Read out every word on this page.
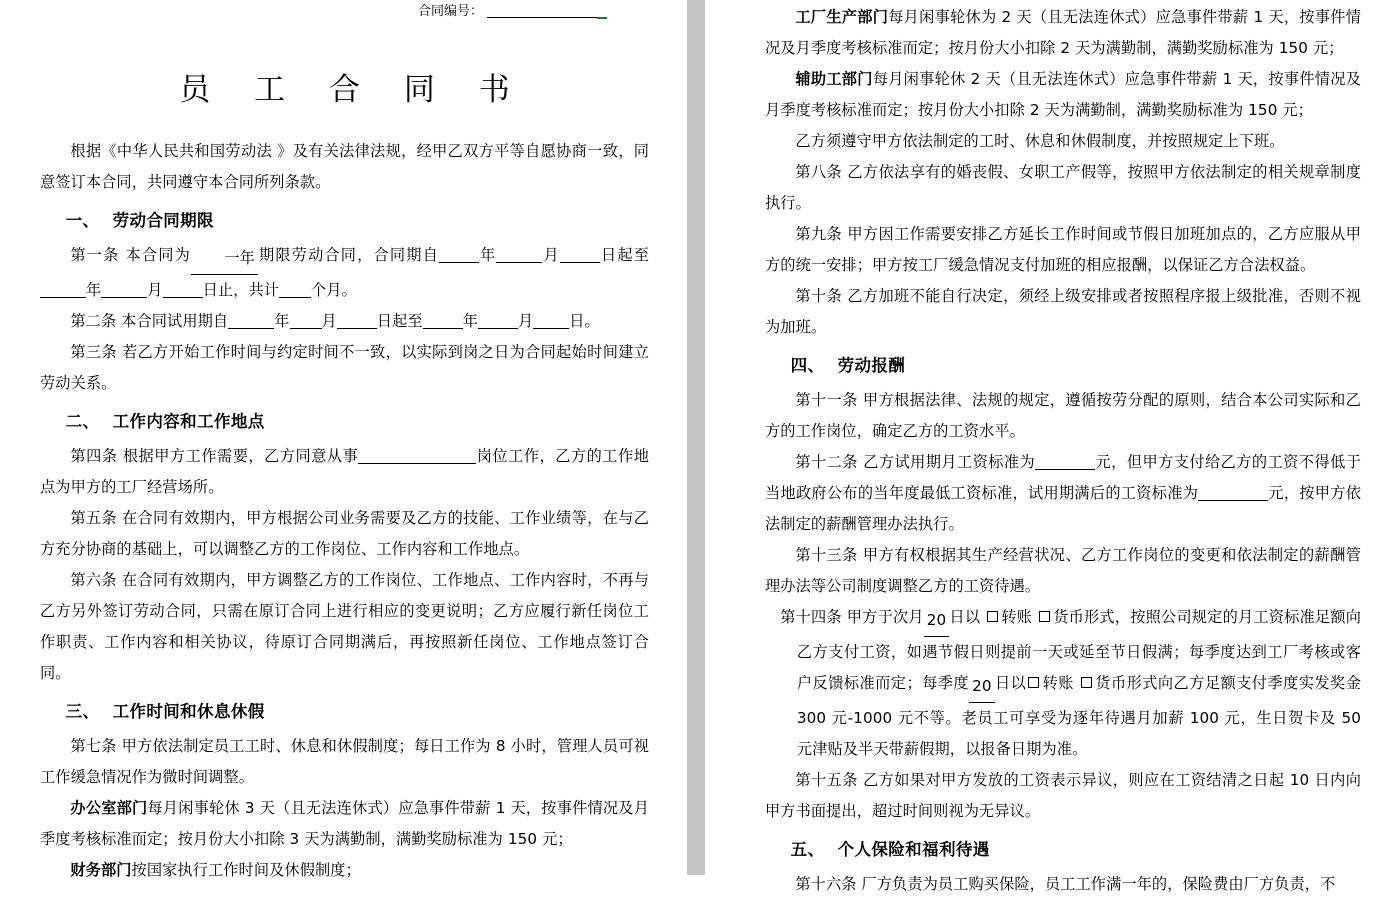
合同编号：
员 工 合 同 书

根据《中华人民共和国劳动法 》及有关法律法规，经甲乙双方平等自愿协商一致，同意签订本合同，共同遵守本合同所列条款。

一、 劳动合同期限

第一条 本合同为 一年 期限劳动合同，合同期自	年	月	日起至年	月	日止，共计 个月。

第二条 本合同试用期自	年 月	日起至	年	月 日。

第三条 若乙方开始工作时间与约定时间不一致，以实际到岗之日为合同起始时间建立劳动关系。

二、 工作内容和工作地点

第四条 根据甲方工作需要，乙方同意从事	岗位工作，乙方的工作地点为甲方的工厂经营场所。

第五条 在合同有效期内，甲方根据公司业务需要及乙方的技能、工作业绩等，在与乙方充分协商的基础上，可以调整乙方的工作岗位、工作内容和工作地点。

第六条 在合同有效期内，甲方调整乙方的工作岗位、工作地点、工作内容时，不再与乙方另外签订劳动合同，只需在原订合同上进行相应的变更说明；乙方应履行新任岗位工作职责、工作内容和相关协议，待原订合同期满后，再按照新任岗位、工作地点签订合同。

三、 工作时间和休息休假

第七条 甲方依法制定员工工时、休息和休假制度；每日工作为 8 小时，管理人员可视工作缓急情况作为微时间调整。

办公室部门每月闲事轮休 3 天（且无法连休式）应急事件带薪 1 天，按事件情况及月季度考核标准而定；按月份大小扣除 3 天为满勤制，满勤奖励标准为 150 元；

财务部门按国家执行工作时间及休假制度；

工厂生产部门每月闲事轮休为 2 天（且无法连休式）应急事件带薪 1 天，按事件情况及月季度考核标准而定；按月份大小扣除 2 天为满勤制，满勤奖励标准为 150 元；

辅助工部门每月闲事轮休 2 天（且无法连休式）应急事件带薪 1 天，按事件情况及月季度考核标准而定；按月份大小扣除 2 天为满勤制，满勤奖励标准为 150 元；

乙方须遵守甲方依法制定的工时、休息和休假制度，并按照规定上下班。

第八条 乙方依法享有的婚丧假、女职工产假等，按照甲方依法制定的相关规章制度执行。

第九条 甲方因工作需要安排乙方延长工作时间或节假日加班加点的，乙方应服从甲方的统一安排；甲方按工厂缓急情况支付加班的相应报酬，以保证乙方合法权益。

第十条 乙方加班不能自行决定，须经上级安排或者按照程序报上级批准，否则不视为加班。

四、 劳动报酬

第十一条 甲方根据法律、法规的规定，遵循按劳分配的原则，结合本公司实际和乙方的工作岗位，确定乙方的工资水平。

第十二条 乙方试用期月工资标准为	元，但甲方支付给乙方的工资不得低于当地政府公布的当年度最低工资标准，试用期满后的工资标准为	元，按甲方依法制定的薪酬管理办法执行。

第十三条 甲方有权根据其生产经营状况、乙方工作岗位的变更和依法制定的薪酬管理办法等公司制度调整乙方的工资待遇。

第十四条 甲方于次月 20 日以 转账 货币形式，按照公司规定的月工资标准足额向乙方支付工资，如遇节假日则提前一天或延至节日假满；每季度达到工厂考核或客户反馈标准而定；每季度 20 日以 转账 货币形式向乙方足额支付季度实发奖金 300 元-1000 元不等。老员工可享受为逐年待遇月加薪 100 元，生日贺卡及 50 元津贴及半天带薪假期，以报备日期为准。

第十五条 乙方如果对甲方发放的工资表示异议，则应在工资结清之日起 10 日内向甲方书面提出，超过时间则视为无异议。

五、 个人保险和福利待遇

第十六条 厂方负责为员工购买保险，员工工作满一年的，保险费由厂方负责，不
